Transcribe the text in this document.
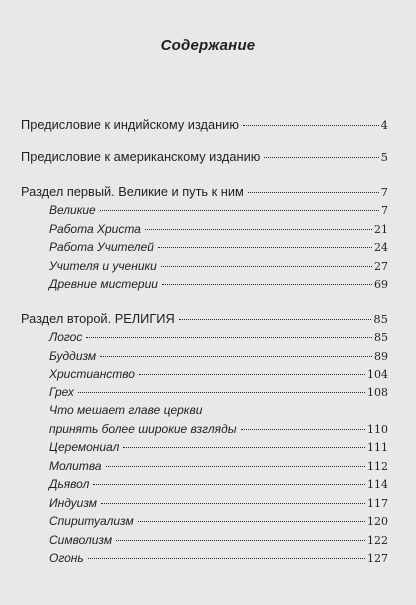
Содержание
Предисловие к индийскому изданию	4
Предисловие к американскому изданию	5
Раздел первый. Великие и путь к ним	7
Великие	7
Работа Христа	21
Работа Учителей	24
Учителя и ученики	27
Древние мистерии	69
Раздел второй. РЕЛИГИЯ	85
Логос	85
Буддизм	89
Христианство	104
Грех	108
Что мешает главе церкви
принять более широкие взгляды	110
Церемониал	111
Молитва	112
Дьявол	114
Индуизм	117
Спиритуализм	120
Символизм	122
Огонь	127
